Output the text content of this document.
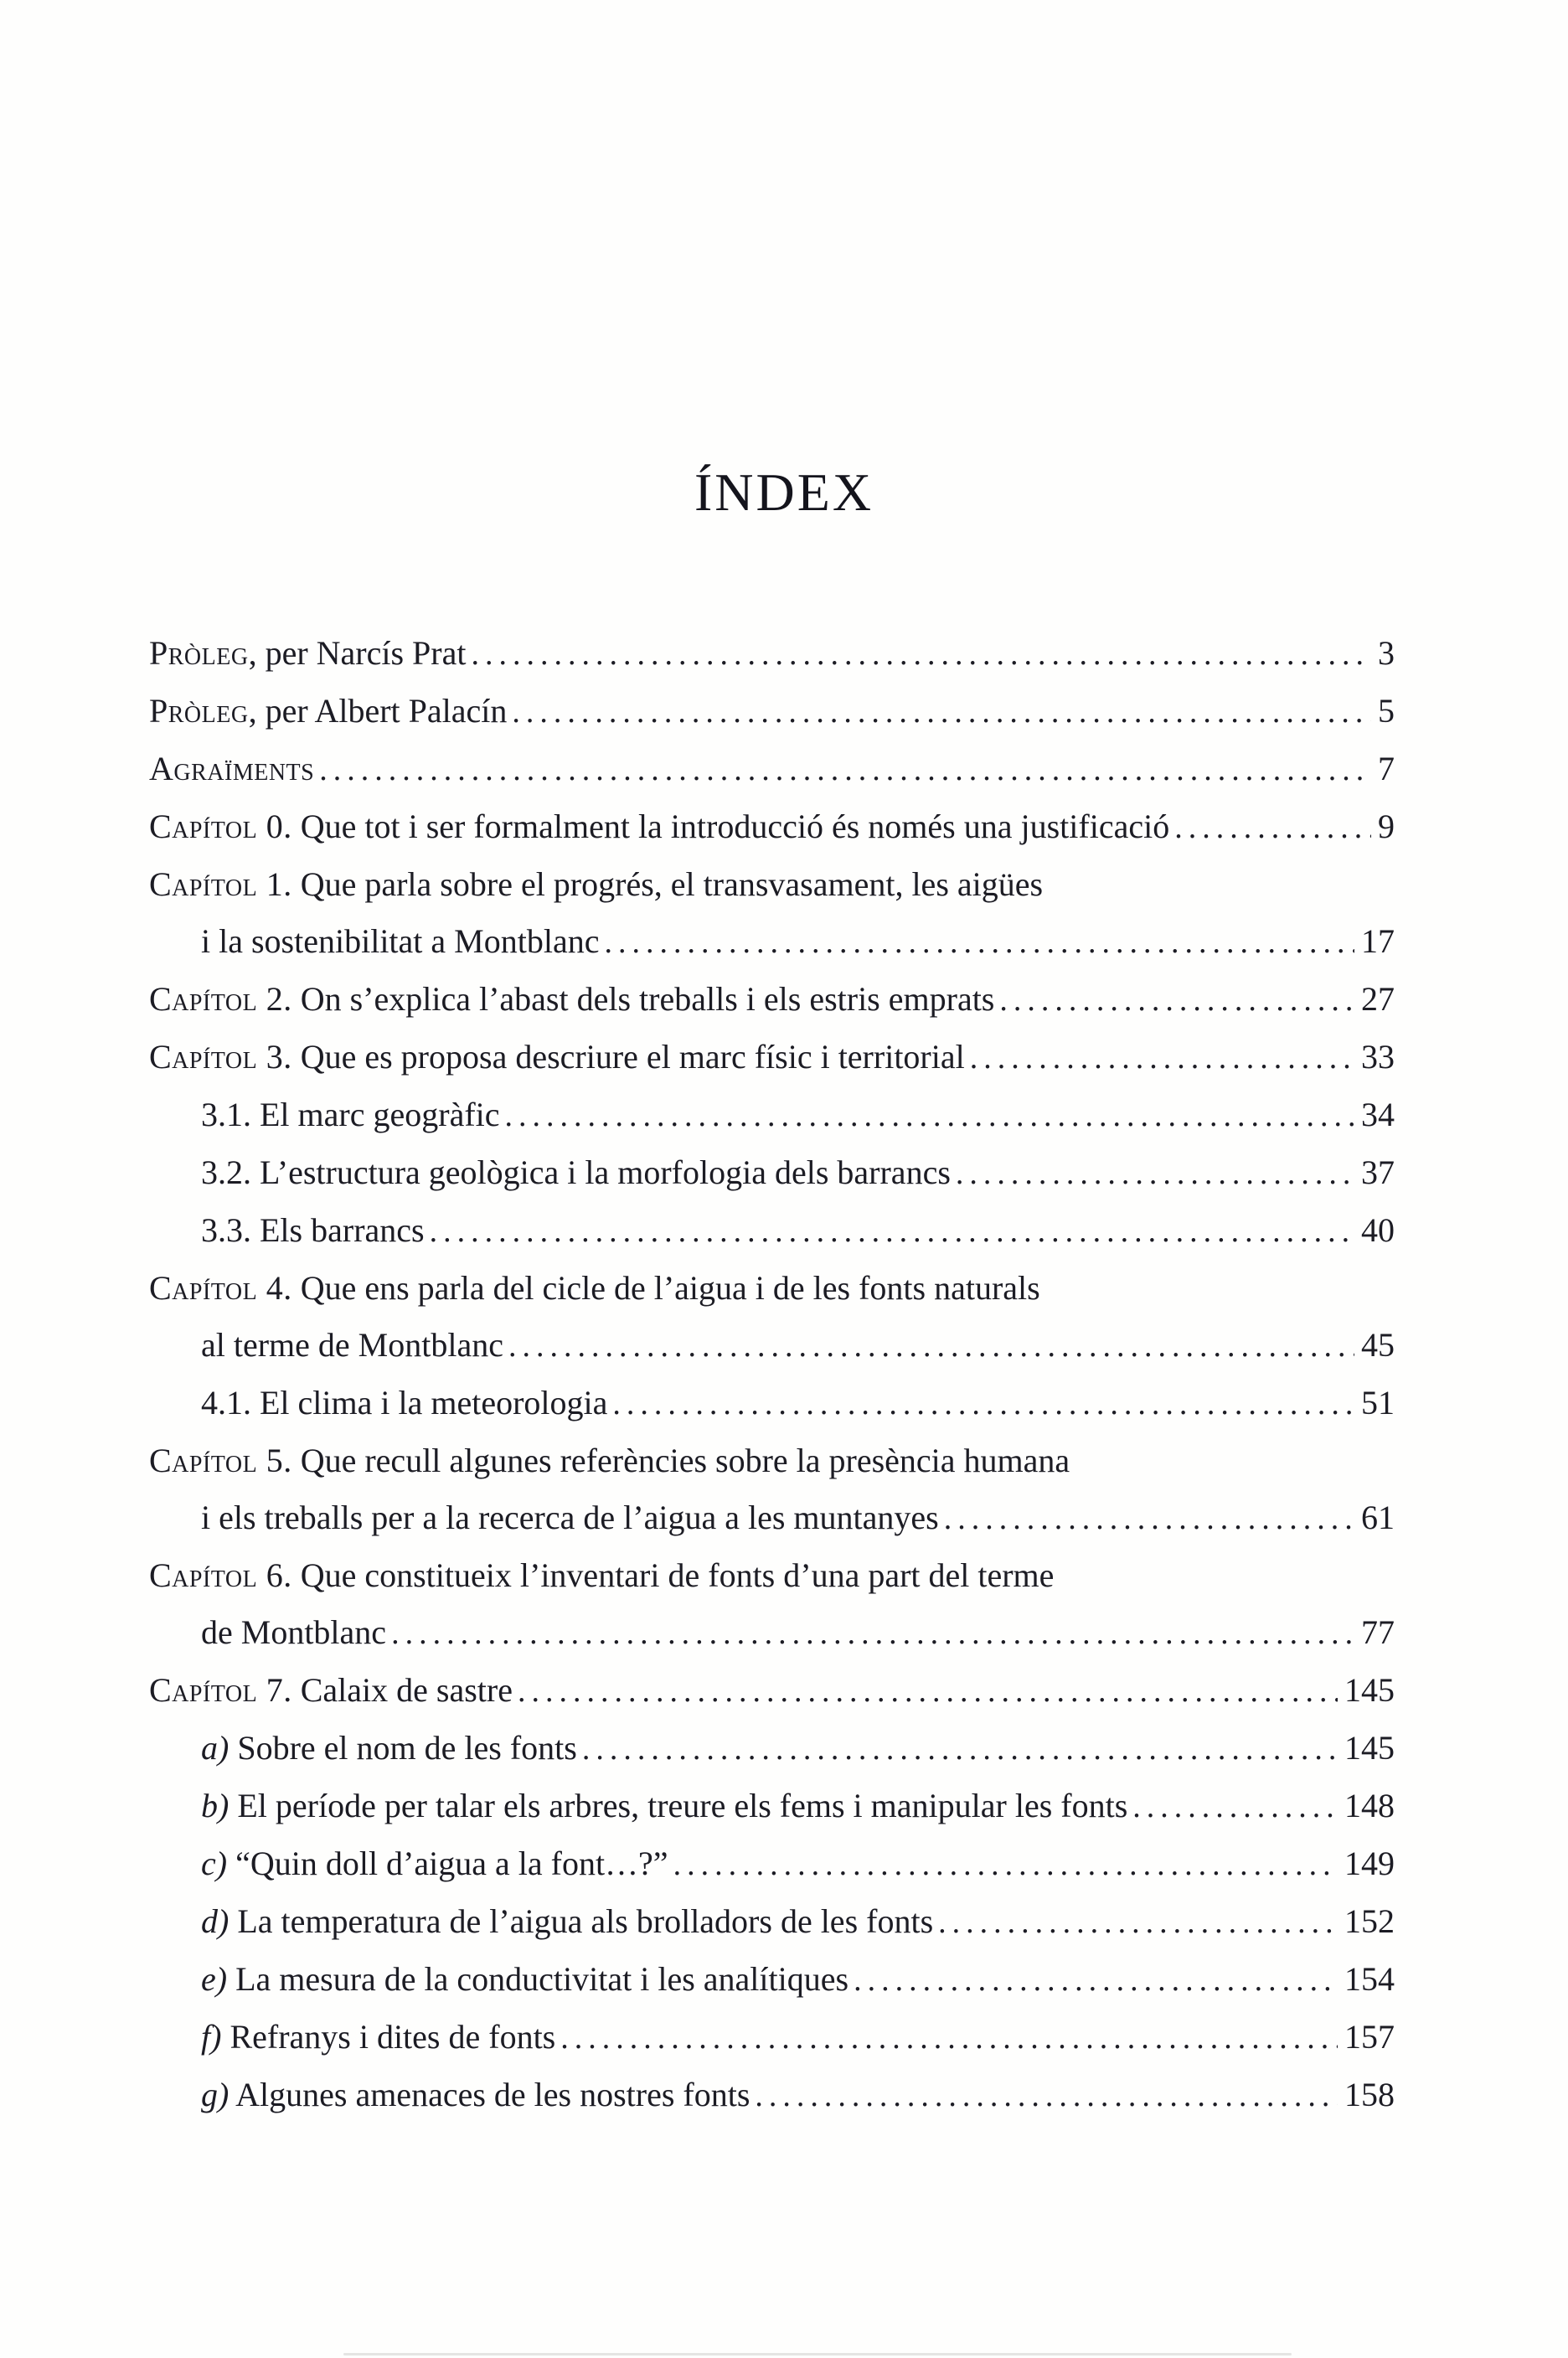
ÍNDEX
Pròleg, per Narcís Prat .....	3
Pròleg, per Albert Palacín .....	5
Agraïments .....	7
Capítol 0. Que tot i ser formalment la introducció és només una justificació .....	9
Capítol 1. Que parla sobre el progrés, el transvasament, les aigües
i la sostenibilitat a Montblanc .....	17
Capítol 2. On s’explica l’abast dels treballs i els estris emprats .....	27
Capítol 3. Que es proposa descriure el marc físic i territorial .....	33
3.1. El marc geogràfic .....	34
3.2. L’estructura geològica i la morfologia dels barrancs .....	37
3.3. Els barrancs .....	40
Capítol 4. Que ens parla del cicle de l’aigua i de les fonts naturals
al terme de Montblanc .....	45
4.1. El clima i la meteorologia .....	51
Capítol 5. Que recull algunes referències sobre la presència humana
i els treballs per a la recerca de l’aigua a les muntanyes .....	61
Capítol 6. Que constitueix l’inventari de fonts d’una part del terme
de Montblanc .....	77
Capítol 7. Calaix de sastre .....	145
a) Sobre el nom de les fonts .....	145
b) El període per talar els arbres, treure els fems i manipular les fonts .....	148
c) “Quin doll d’aigua a la font…?” .....	149
d) La temperatura de l’aigua als brolladors de les fonts .....	152
e) La mesura de la conductivitat i les analítiques .....	154
f) Refranys i dites de fonts .....	157
g) Algunes amenaces de les nostres fonts .....	158
